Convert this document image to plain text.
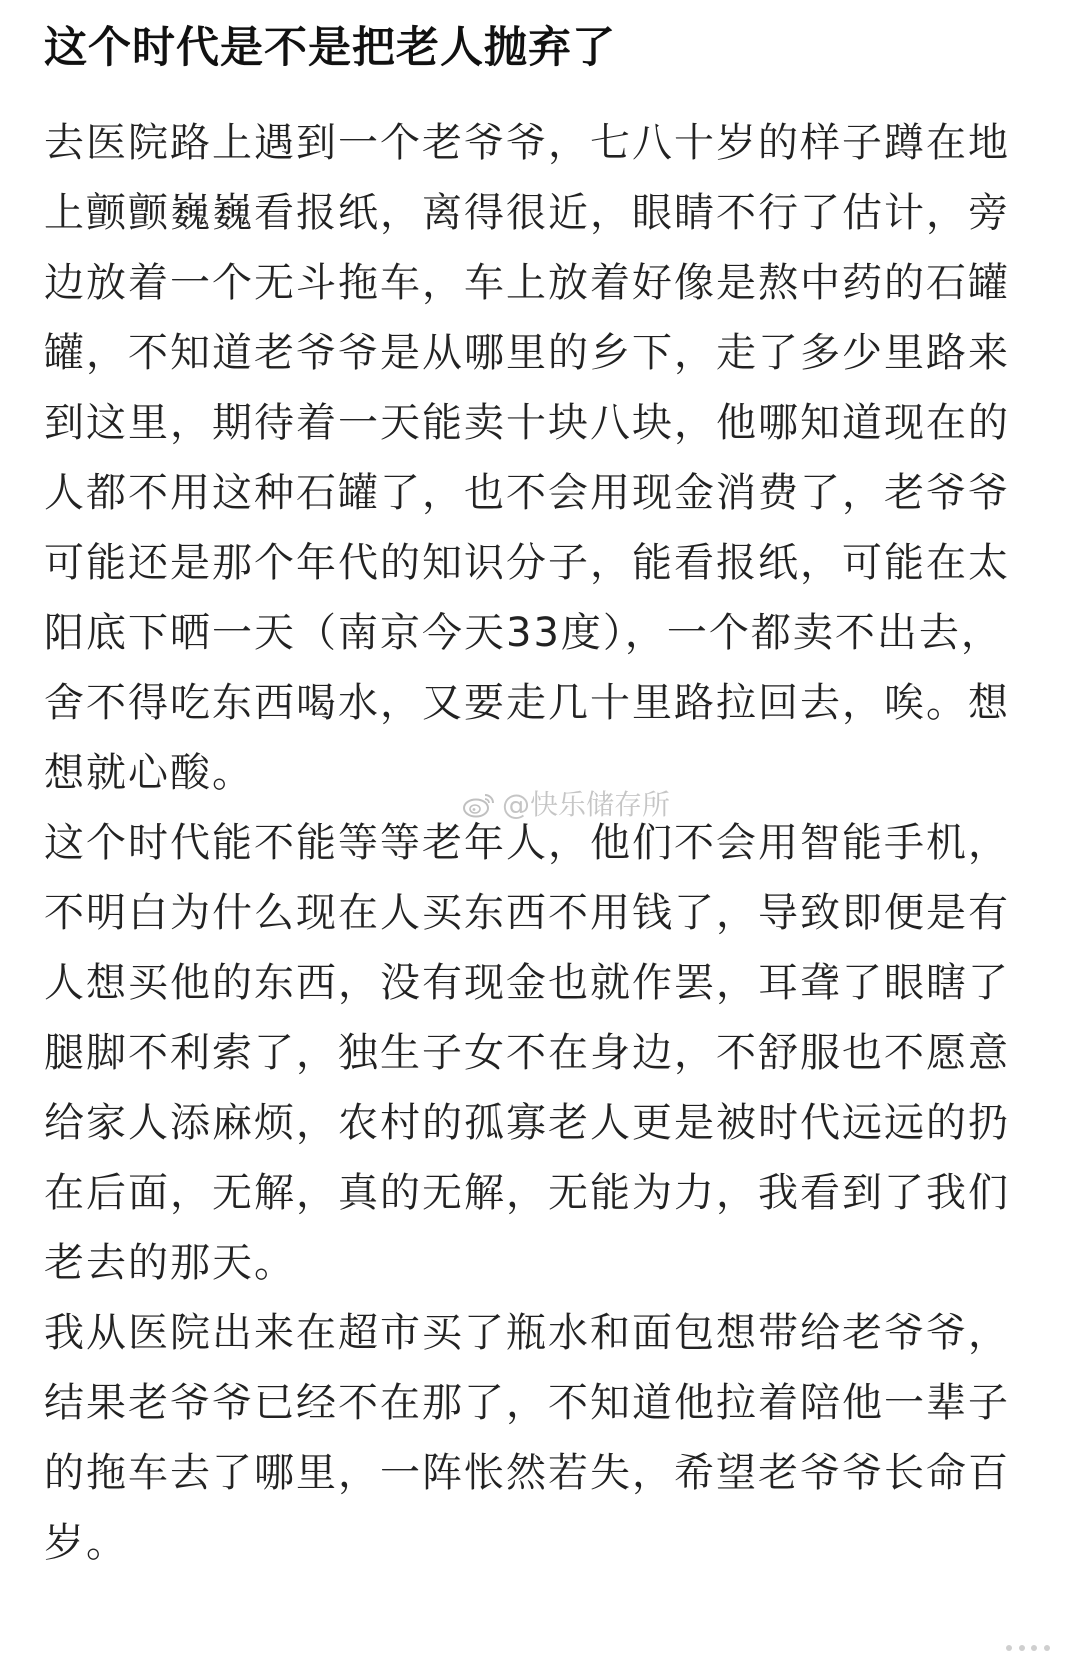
这个时代是不是把老人抛弃了

去医院路上遇到一个老爷爷，七八十岁的样子蹲在地上颤颤巍巍看报纸，离得很近，眼睛不行了估计，旁边放着一个无斗拖车，车上放着好像是熬中药的石罐罐，不知道老爷爷是从哪里的乡下，走了多少里路来到这里，期待着一天能卖十块八块，他哪知道现在的人都不用这种石罐了，也不会用现金消费了，老爷爷可能还是那个年代的知识分子，能看报纸，可能在太阳底下晒一天（南京今天33度），一个都卖不出去，舍不得吃东西喝水，又要走几十里路拉回去，唉。想想就心酸。

这个时代能不能等等老年人，他们不会用智能手机，不明白为什么现在人买东西不用钱了，导致即便是有人想买他的东西，没有现金也就作罢，耳聋了眼瞎了腿脚不利索了，独生子女不在身边，不舒服也不愿意给家人添麻烦，农村的孤寡老人更是被时代远远的扔在后面，无解，真的无解，无能为力，我看到了我们老去的那天。

我从医院出来在超市买了瓶水和面包想带给老爷爷，结果老爷爷已经不在那了，不知道他拉着陪他一辈子的拖车去了哪里，一阵怅然若失，希望老爷爷长命百岁。

@快乐储存所
